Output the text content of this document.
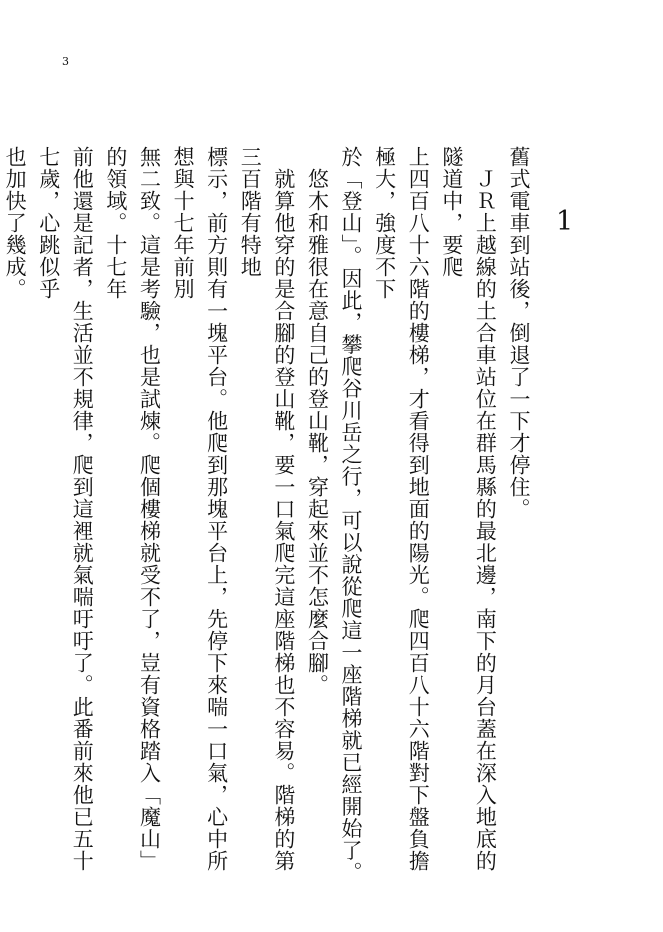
3
1
舊式電車到站後，倒退了一下才停住。
　ＪＲ上越線的土合車站位在群馬縣的最北邊，南下的月台蓋在深入地底的隧道中，要爬
上四百八十六階的樓梯，才看得到地面的陽光。爬四百八十六階對下盤負擔極大，強度不下
於「登山」。因此，攀爬谷川岳之行，可以說從爬這一座階梯就已經開始了。
　悠木和雅很在意自己的登山靴，穿起來並不怎麼合腳。
　就算他穿的是合腳的登山靴，要一口氣爬完這座階梯也不容易。階梯的第三百階有特地
標示，前方則有一塊平台。他爬到那塊平台上，先停下來喘一口氣，心中所想與十七年前別
無二致。這是考驗，也是試煉。爬個樓梯就受不了，豈有資格踏入「魔山」的領域。十七年
前他還是記者，生活並不規律，爬到這裡就氣喘吁吁了。此番前來他已五十七歲，心跳似乎
也加快了幾成。
